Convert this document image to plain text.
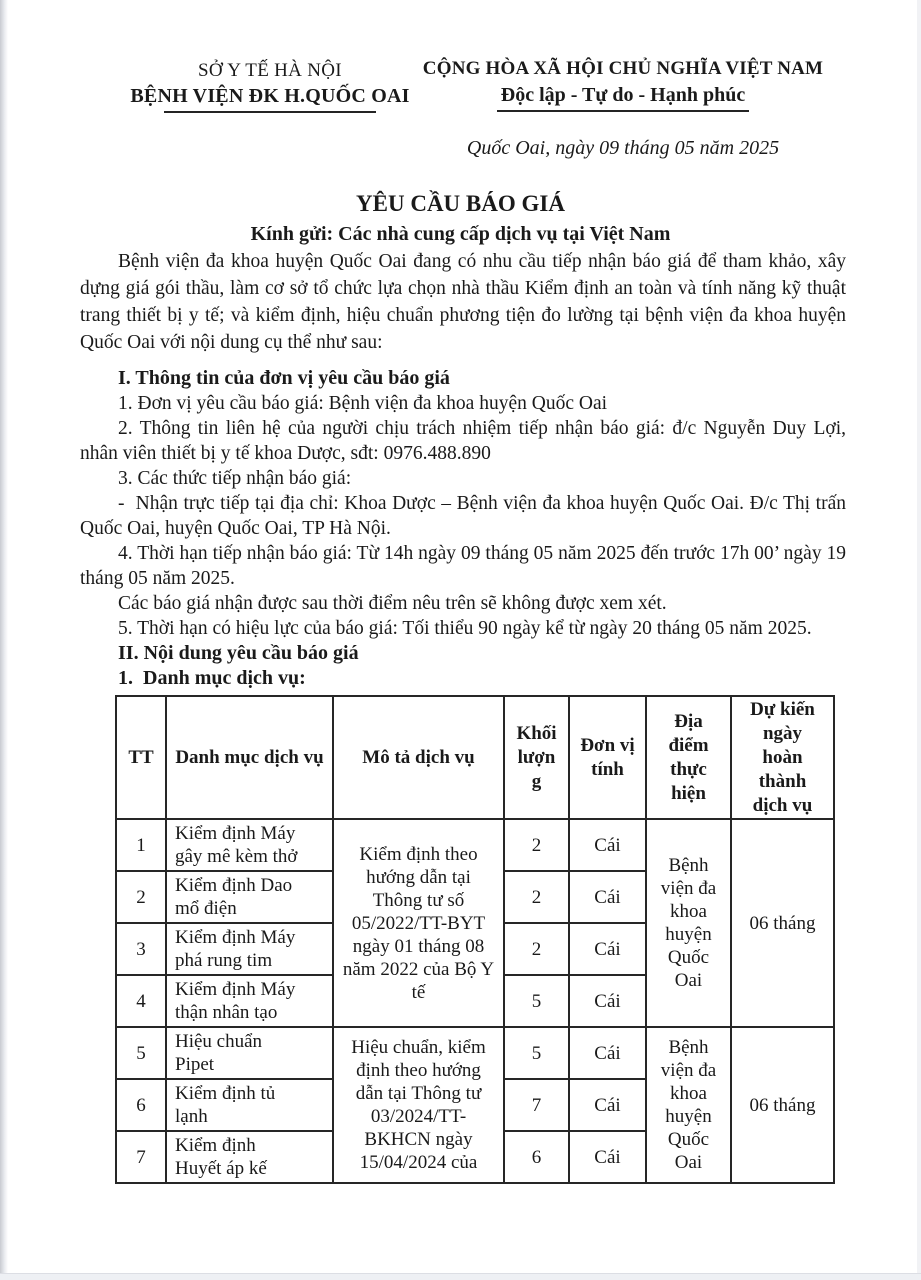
SỞ Y TẾ HÀ NỘI
BỆNH VIỆN ĐK H.QUỐC OAI
CỘNG HÒA XÃ HỘI CHỦ NGHĨA VIỆT NAM
Độc lập - Tự do - Hạnh phúc
Quốc Oai, ngày 09 tháng 05 năm 2025
YÊU CẦU BÁO GIÁ
Kính gửi: Các nhà cung cấp dịch vụ tại Việt Nam

Bệnh viện đa khoa huyện Quốc Oai đang có nhu cầu tiếp nhận báo giá để tham khảo, xây dựng giá gói thầu, làm cơ sở tổ chức lựa chọn nhà thầu Kiểm định an toàn và tính năng kỹ thuật trang thiết bị y tế; và kiểm định, hiệu chuẩn phương tiện đo lường tại bệnh viện đa khoa huyện Quốc Oai với nội dung cụ thể như sau:

I. Thông tin của đơn vị yêu cầu báo giá

1. Đơn vị yêu cầu báo giá: Bệnh viện đa khoa huyện Quốc Oai

2. Thông tin liên hệ của người chịu trách nhiệm tiếp nhận báo giá: đ/c Nguyễn Duy Lợi, nhân viên thiết bị y tế khoa Dược, sđt: 0976.488.890

3. Các thức tiếp nhận báo giá:

-  Nhận trực tiếp tại địa chỉ: Khoa Dược – Bệnh viện đa khoa huyện Quốc Oai. Đ/c Thị trấn Quốc Oai, huyện Quốc Oai, TP Hà Nội.

4. Thời hạn tiếp nhận báo giá: Từ 14h ngày 09 tháng 05 năm 2025 đến trước 17h 00’ ngày 19 tháng 05 năm 2025.

Các báo giá nhận được sau thời điểm nêu trên sẽ không được xem xét.

5. Thời hạn có hiệu lực của báo giá: Tối thiểu 90 ngày kể từ ngày 20 tháng 05 năm 2025.

II. Nội dung yêu cầu báo giá

1.  Danh mục dịch vụ:

TT	Danh mục dịch vụ	Mô tả dịch vụ	Khối lượng	Đơn vị tính	Địa điểm thực hiện	Dự kiến ngày hoàn thành dịch vụ
1	Kiểm định Máy gây mê kèm thở	Kiểm định theo hướng dẫn tại Thông tư số 05/2022/TT-BYT ngày 01 tháng 08 năm 2022 của Bộ Y tế	2	Cái	Bệnh viện đa khoa huyện Quốc Oai	06 tháng
2	Kiểm định Dao mổ điện		2	Cái		
3	Kiểm định Máy phá rung tim		2	Cái		
4	Kiểm định Máy thận nhân tạo		5	Cái		
5	Hiệu chuẩn Pipet	Hiệu chuẩn, kiểm định theo hướng dẫn tại Thông tư 03/2024/TT-BKHCN ngày 15/04/2024 của	5	Cái	Bệnh viện đa khoa huyện Quốc Oai	06 tháng
6	Kiểm định tủ lạnh		7	Cái		
7	Kiểm định Huyết áp kế		6	Cái		
